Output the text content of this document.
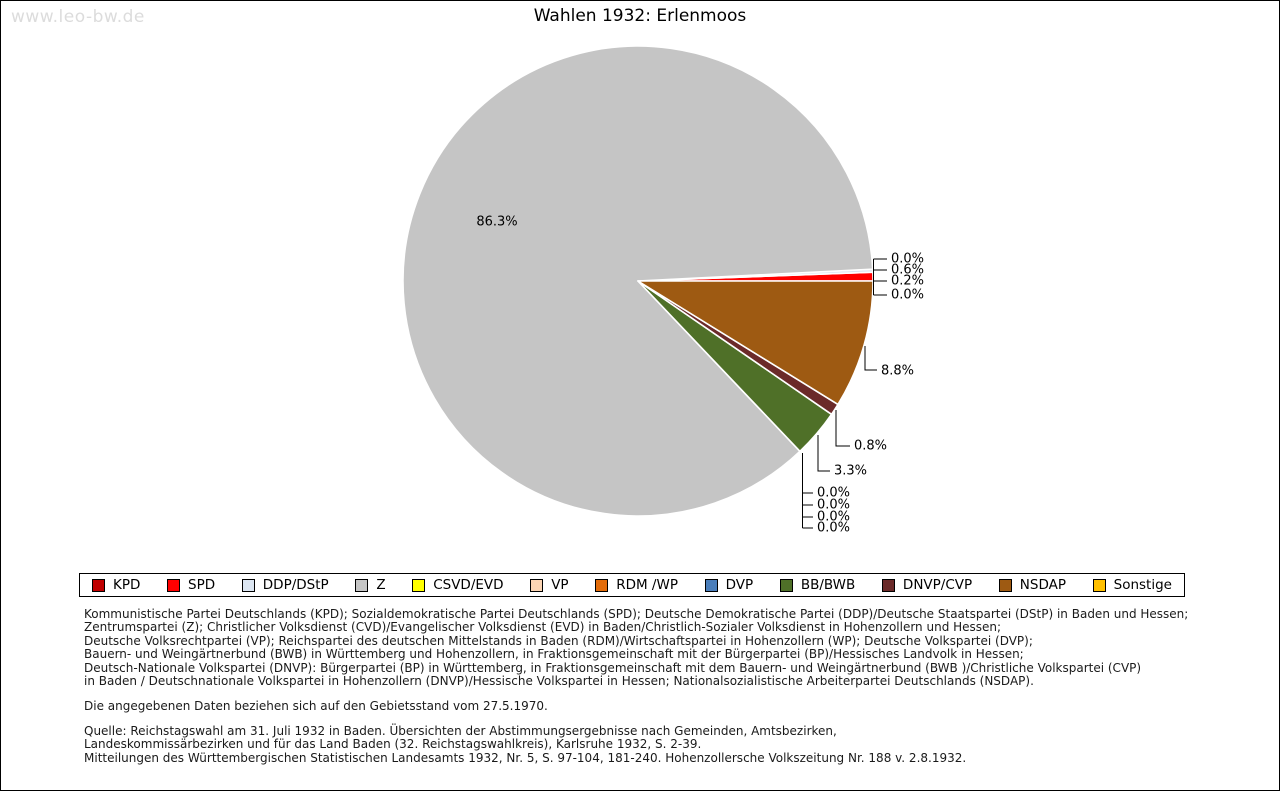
www.leo-bw.de	Wahlen 1932: Erlenmoos
86.3%
0.0%
0.6%
0.2%
0.0%
8.8%
0.8%
3.3%
0.0%
0.0%
0.0%
0.0%
KPD	SPD	DDP/DStP	Z	CSVD/EVD	VP	RDM /WP	DVP	BB/BWB	DNVP/CVP	NSDAP	Sonstige
Kommunistische Partei Deutschlands (KPD); Sozialdemokratische Partei Deutschlands (SPD); Deutsche Demokratische Partei (DDP)/Deutsche Staatspartei (DStP) in Baden und Hessen;
Zentrumspartei (Z); Christlicher Volksdienst (CVD)/Evangelischer Volksdienst (EVD) in Baden/Christlich-Sozialer Volksdienst in Hohenzollern und Hessen;
Deutsche Volksrechtpartei (VP); Reichspartei des deutschen Mittelstands in Baden (RDM)/Wirtschaftspartei in Hohenzollern (WP); Deutsche Volkspartei (DVP);
Bauern- und Weingärtnerbund (BWB) in Württemberg und Hohenzollern, in Fraktionsgemeinschaft mit der Bürgerpartei (BP)/Hessisches Landvolk in Hessen;
Deutsch-Nationale Volkspartei (DNVP): Bürgerpartei (BP) in Württemberg, in Fraktionsgemeinschaft mit dem Bauern- und Weingärtnerbund (BWB )/Christliche Volkspartei (CVP)
in Baden / Deutschnationale Volkspartei in Hohenzollern (DNVP)/Hessische Volkspartei in Hessen; Nationalsozialistische Arbeiterpartei Deutschlands (NSDAP).
Die angegebenen Daten beziehen sich auf den Gebietsstand vom 27.5.1970.
Quelle: Reichstagswahl am 31. Juli 1932 in Baden. Übersichten der Abstimmungsergebnisse nach Gemeinden, Amtsbezirken,
Landeskommissärbezirken und für das Land Baden (32. Reichstagswahlkreis), Karlsruhe 1932, S. 2-39.
Mitteilungen des Württembergischen Statistischen Landesamts 1932, Nr. 5, S. 97-104, 181-240. Hohenzollersche Volkszeitung Nr. 188 v. 2.8.1932.
